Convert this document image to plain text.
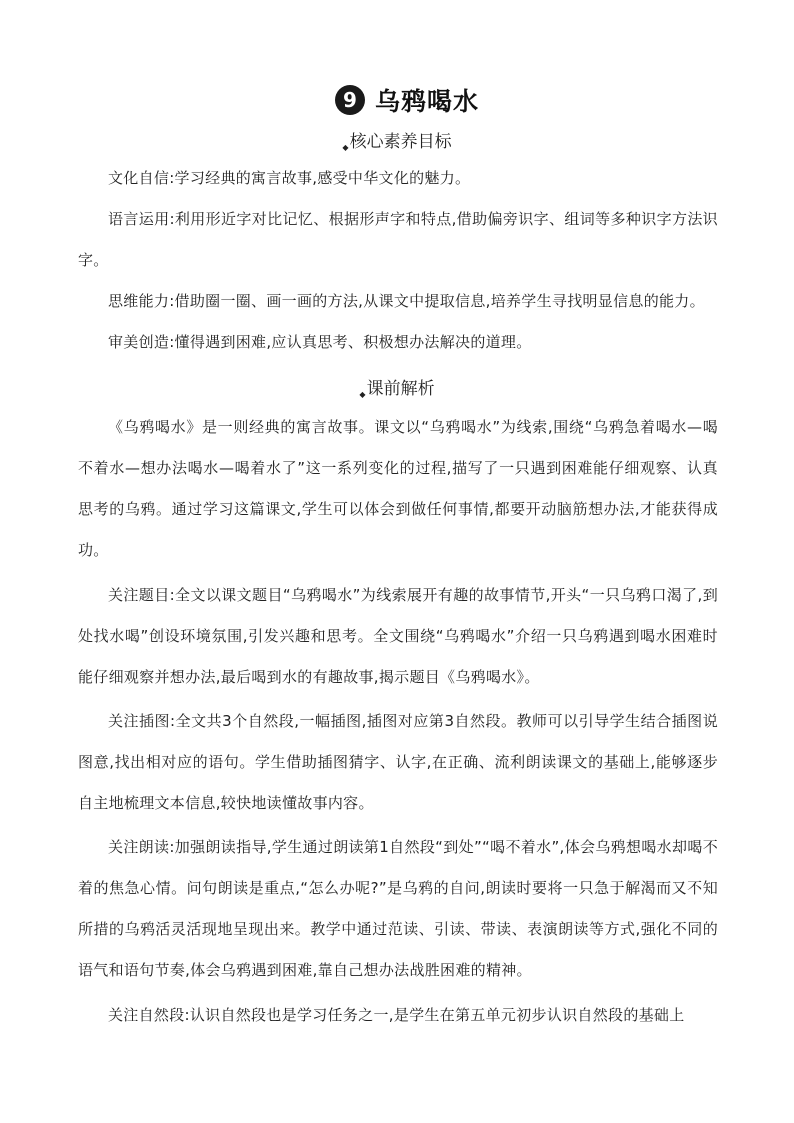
9 乌鸦喝水
◆核心素养目标

文化自信:学习经典的寓言故事,感受中华文化的魅力。

语言运用:利用形近字对比记忆、根据形声字和特点,借助偏旁识字、组词等多种识字方法识字。

思维能力:借助圈一圈、画一画的方法,从课文中提取信息,培养学生寻找明显信息的能力。

审美创造:懂得遇到困难,应认真思考、积极想办法解决的道理。

◆课前解析

《乌鸦喝水》是一则经典的寓言故事。课文以“乌鸦喝水”为线索,围绕“乌鸦急着喝水—喝不着水—想办法喝水—喝着水了”这一系列变化的过程,描写了一只遇到困难能仔细观察、认真思考的乌鸦。通过学习这篇课文,学生可以体会到做任何事情,都要开动脑筋想办法,才能获得成功。

关注题目:全文以课文题目“乌鸦喝水”为线索展开有趣的故事情节,开头“一只乌鸦口渴了,到处找水喝”创设环境氛围,引发兴趣和思考。全文围绕“乌鸦喝水”介绍一只乌鸦遇到喝水困难时能仔细观察并想办法,最后喝到水的有趣故事,揭示题目《乌鸦喝水》。

关注插图:全文共3个自然段,一幅插图,插图对应第3自然段。教师可以引导学生结合插图说图意,找出相对应的语句。学生借助插图猜字、认字,在正确、流利朗读课文的基础上,能够逐步自主地梳理文本信息,较快地读懂故事内容。

关注朗读:加强朗读指导,学生通过朗读第1自然段“到处”“喝不着水”,体会乌鸦想喝水却喝不着的焦急心情。问句朗读是重点,“怎么办呢?”是乌鸦的自问,朗读时要将一只急于解渴而又不知所措的乌鸦活灵活现地呈现出来。教学中通过范读、引读、带读、表演朗读等方式,强化不同的语气和语句节奏,体会乌鸦遇到困难,靠自己想办法战胜困难的精神。

关注自然段:认识自然段也是学习任务之一,是学生在第五单元初步认识自然段的基础上
